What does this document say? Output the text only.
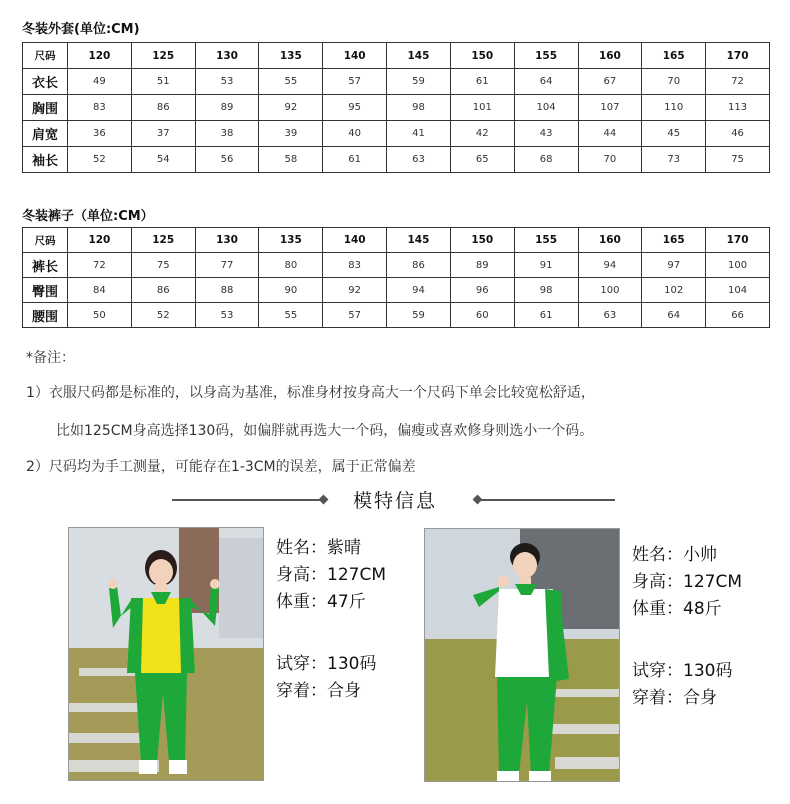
冬装外套(单位:CM)
尺码	120	125	130	135	140	145	150	155	160	165	170
衣长	49	51	53	55	57	59	61	64	67	70	72
胸围	83	86	89	92	95	98	101	104	107	110	113
肩宽	36	37	38	39	40	41	42	43	44	45	46
袖长	52	54	56	58	61	63	65	68	70	73	75
冬装裤子（单位:CM）
尺码	120	125	130	135	140	145	150	155	160	165	170
裤长	72	75	77	80	83	86	89	91	94	97	100
臀围	84	86	88	90	92	94	96	98	100	102	104
腰围	50	52	53	55	57	59	60	61	63	64	66
*备注：
1）衣服尺码都是标准的，以身高为基准，标准身材按身高大一个尺码下单会比较宽松舒适，
比如125CM身高选择130码，如偏胖就再选大一个码，偏瘦或喜欢修身则选小一个码。
2）尺码均为手工测量，可能存在1-3CM的误差，属于正常偏差
模特信息
姓名：紫晴
身高：127CM
体重：47斤
试穿：130码
穿着：合身
姓名：小帅
身高：127CM
体重：48斤
试穿：130码
穿着：合身
